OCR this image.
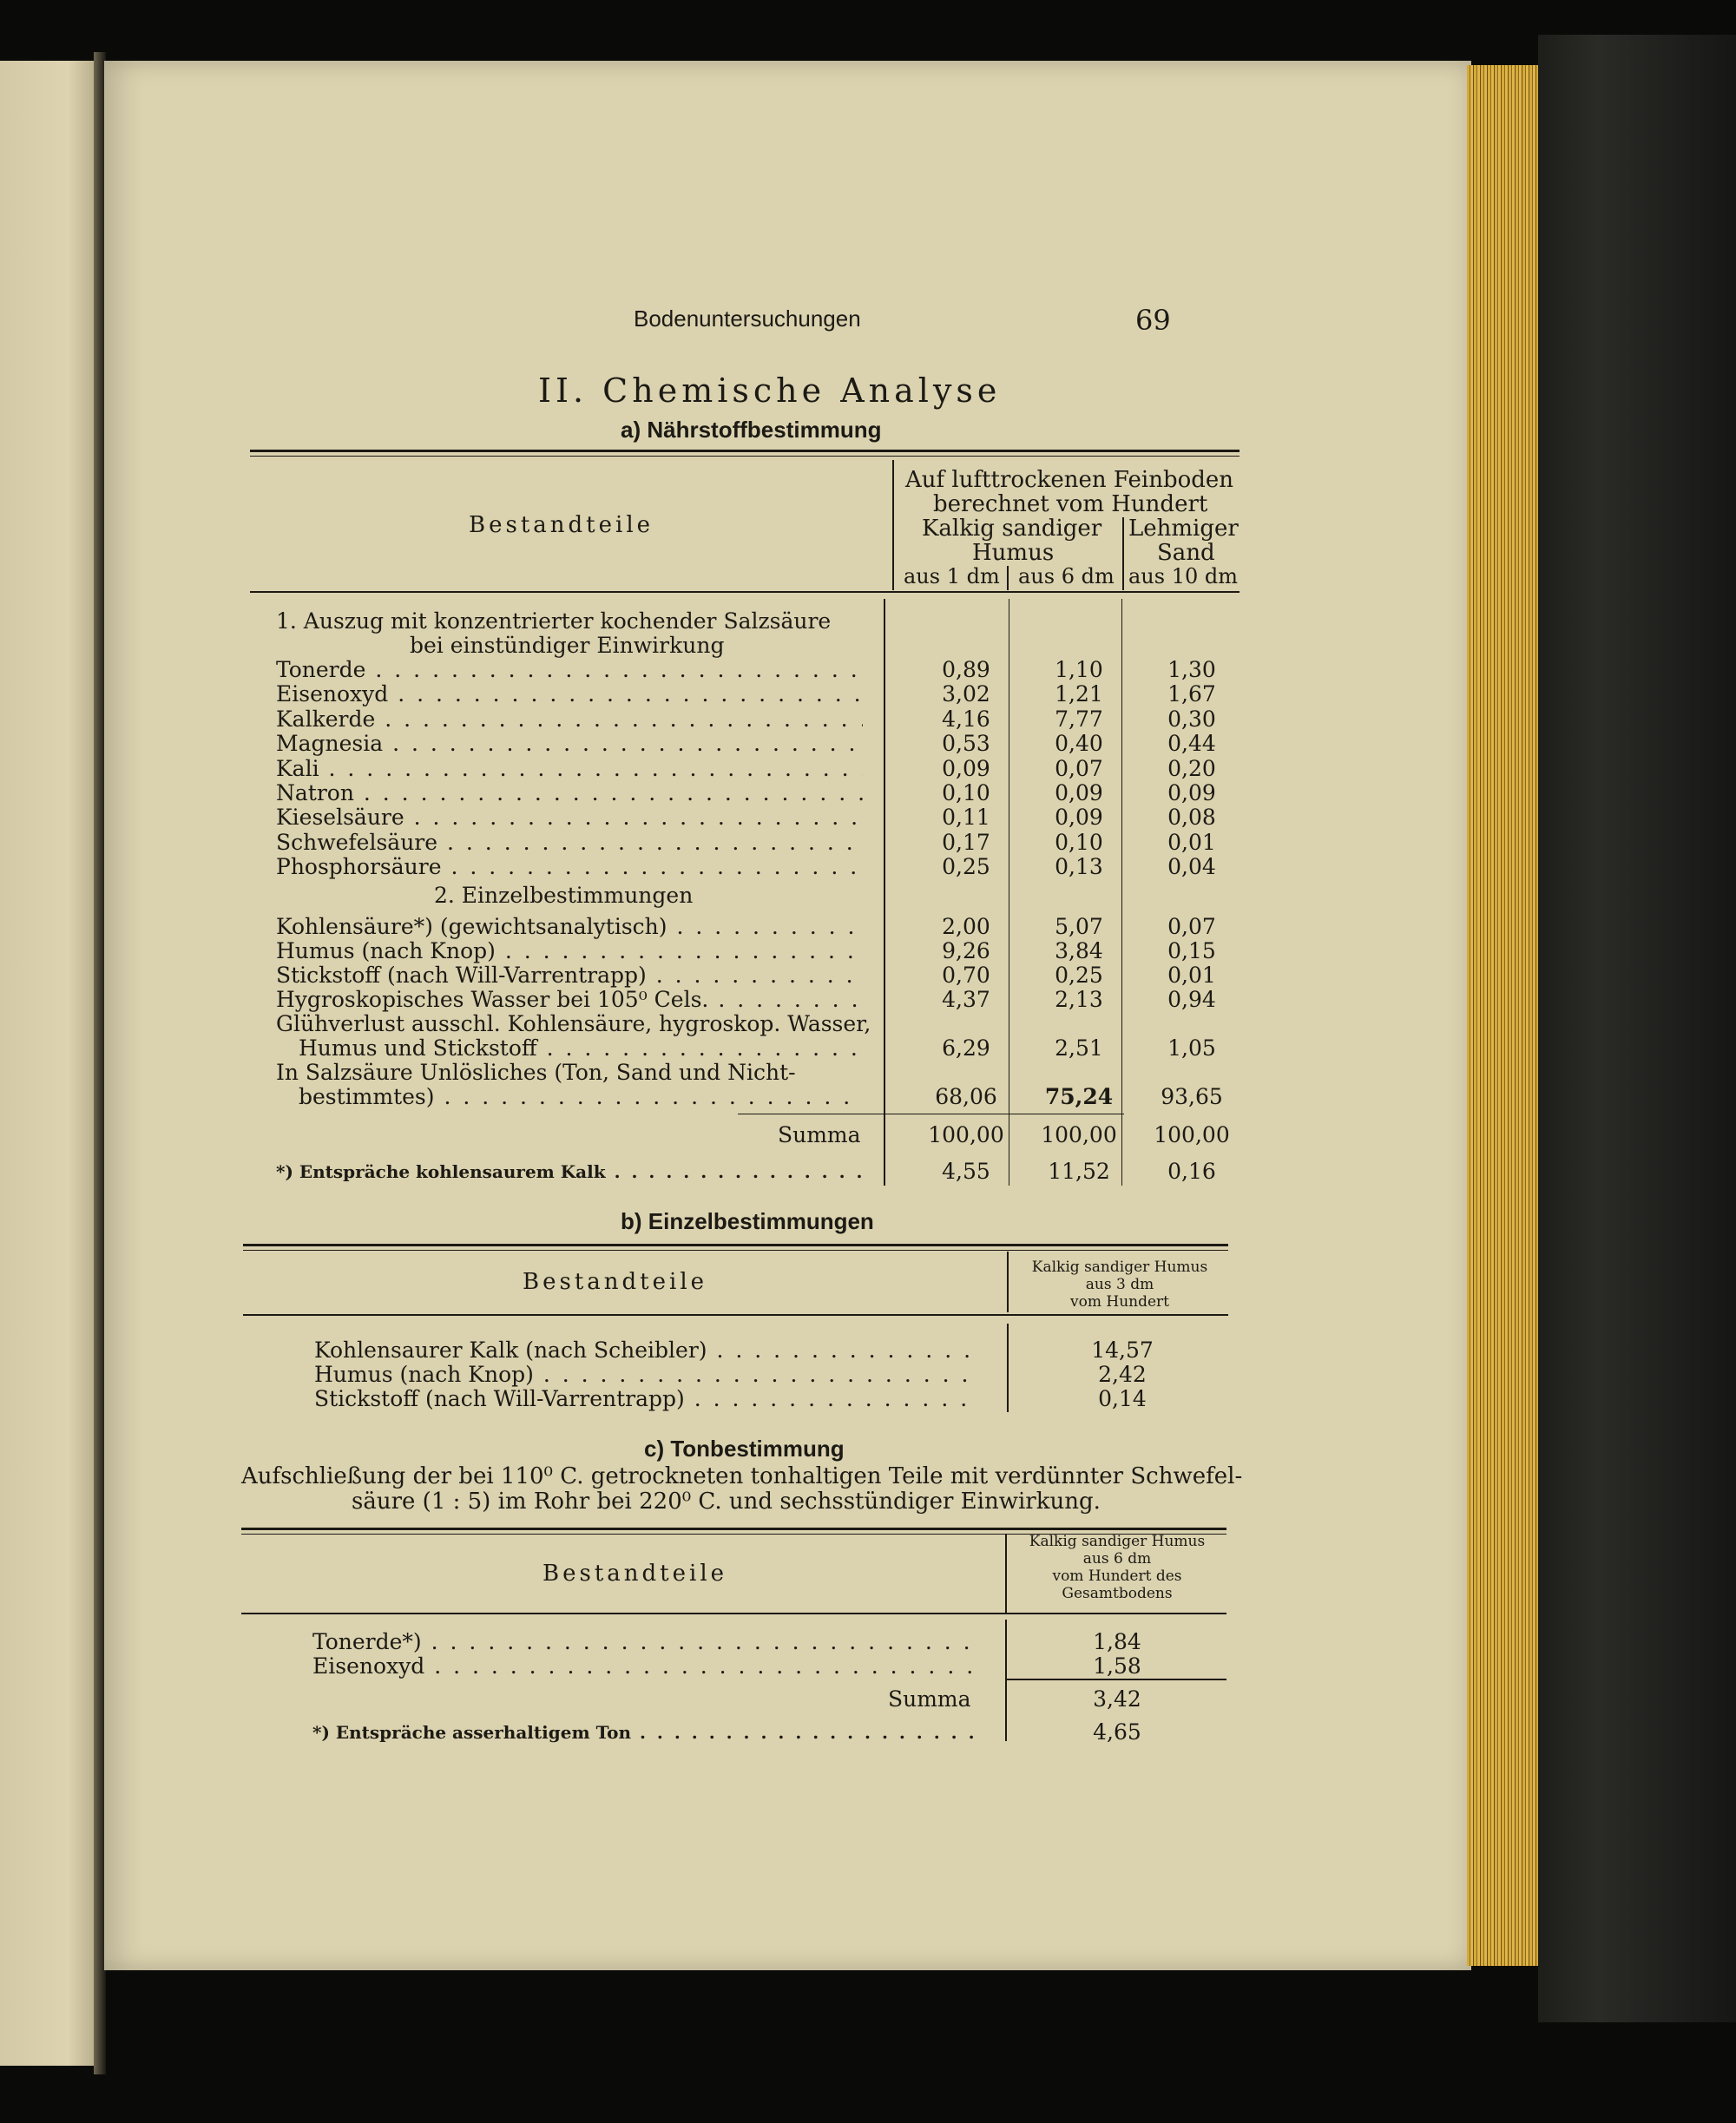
Bodenuntersuchungen	69
II. Chemische Analyse
a) Nährstoffbestimmung
Bestandteile
Auf lufttrockenen Feinboden
berechnet vom Hundert
Kalkig sandiger
Humus
Lehmiger
Sand
aus 1 dm aus 6 dm aus 10 dm
1. Auszug mit konzentrierter kochender Salzsäure
bei einstündiger Einwirkung
Tonerde . . .	0,89	1,10	1,30
Eisenoxyd . . .	3,02	1,21	1,67
Kalkerde . . .	4,16	7,77	0,30
Magnesia . . .	0,53	0,40	0,44
Kali . . .	0,09	0,07	0,20
Natron . . .	0,10	0,09	0,09
Kieselsäure . . .	0,11	0,09	0,08
Schwefelsäure . . .	0,17	0,10	0,01
Phosphorsäure . . .	0,25	0,13	0,04
2. Einzelbestimmungen
Kohlensäure*) (gewichtsanalytisch) . . .	2,00	5,07	0,07
Humus (nach Knop) . . .	9,26	3,84	0,15
Stickstoff (nach Will-Varrentrapp) . . .	0,70	0,25	0,01
Hygroskopisches Wasser bei 105⁰ Cels. . . .	4,37	2,13	0,94
Glühverlust ausschl. Kohlensäure, hygroskop. Wasser,
Humus und Stickstoff . . .	6,29	2,51	1,05
In Salzsäure Unlösliches (Ton, Sand und Nicht-
bestimmtes) . . .	68,06	75,24	93,65
Summa	100,00	100,00	100,00
*) Entspräche kohlensaurem Kalk . . .	4,55	11,52	0,16
b) Einzelbestimmungen
Bestandteile
Kalkig sandiger Humus
aus 3 dm
vom Hundert
Kohlensaurer Kalk (nach Scheibler) . . .	14,57
Humus (nach Knop) . . .	2,42
Stickstoff (nach Will-Varrentrapp) . . .	0,14
c) Tonbestimmung
Aufschließung der bei 110⁰ C. getrockneten tonhaltigen Teile mit verdünnter Schwefel-
säure (1 : 5) im Rohr bei 220⁰ C. und sechsstündiger Einwirkung.
Bestandteile
Kalkig sandiger Humus
aus 6 dm
vom Hundert des
Gesamtbodens
Tonerde*) . . .	1,84
Eisenoxyd . . .	1,58
Summa	3,42
*) Entspräche asserhaltigem Ton . . .	4,65
